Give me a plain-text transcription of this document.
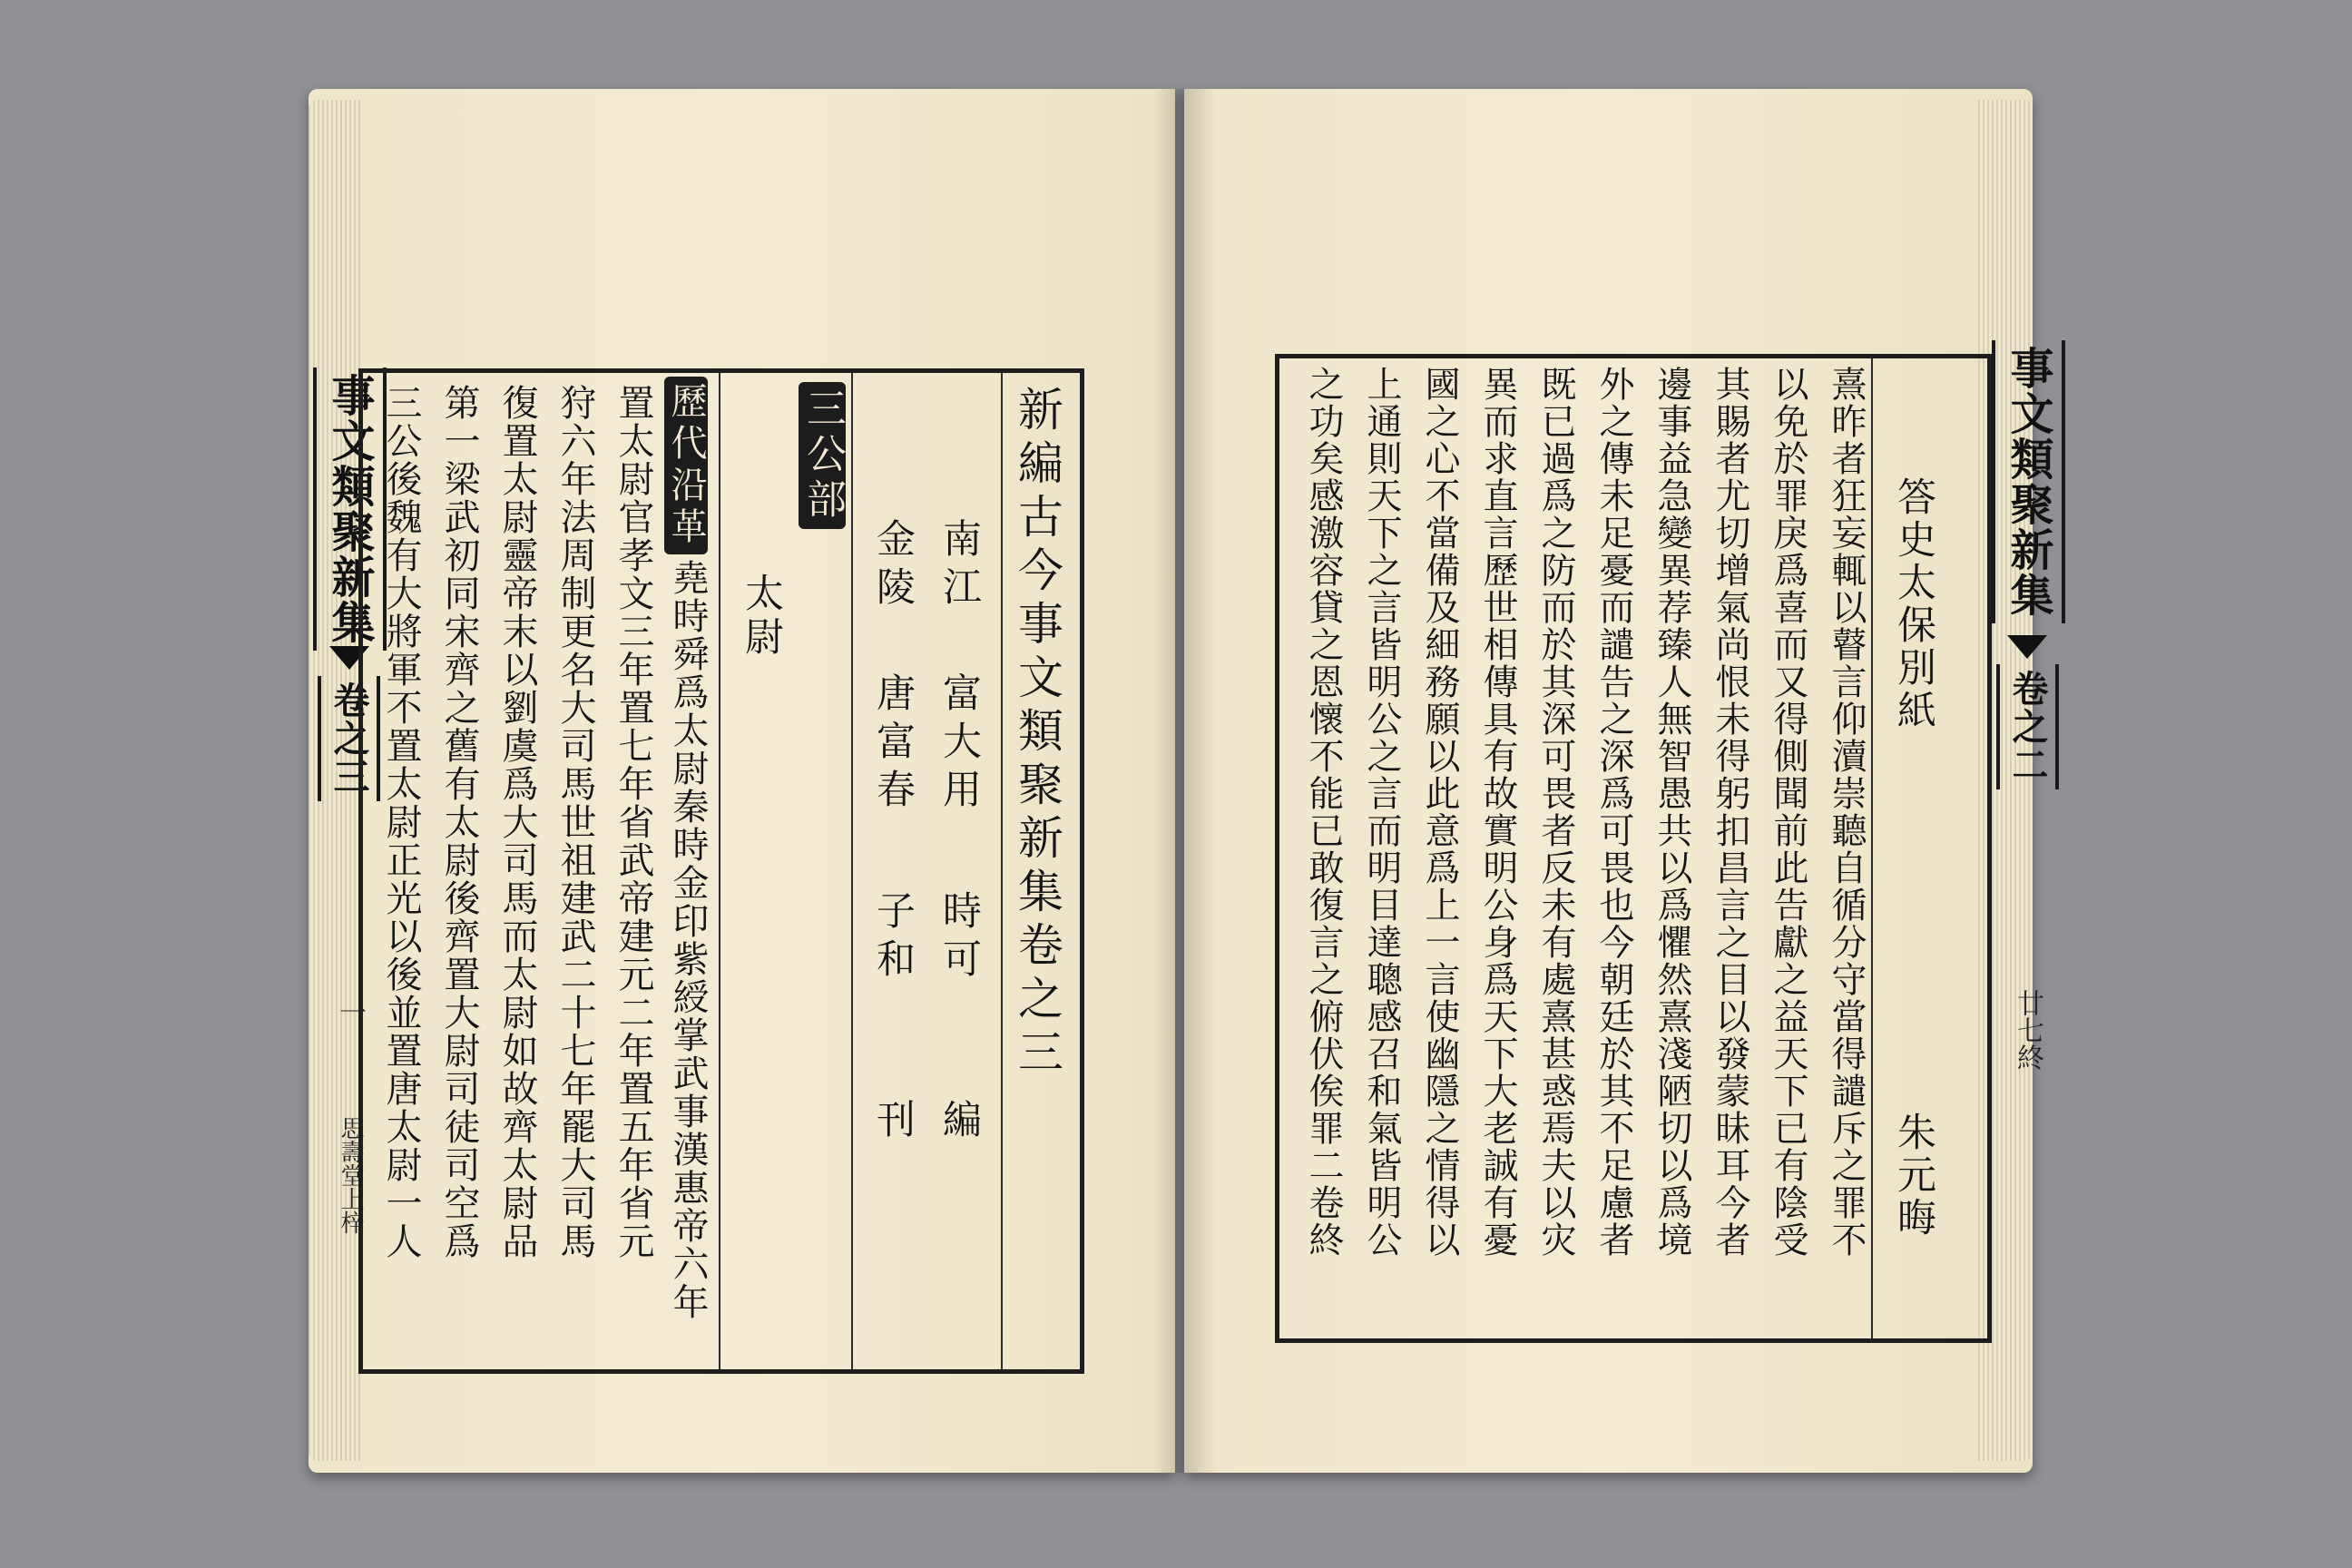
事文類聚新集
卷之三
一
思壽堂上梓
新編古今事文類聚新集卷之三
南江
富大用
時可
編
金陵
唐富春
子和
刊
三公部
太尉
歷代沿革
堯時舜爲太尉秦時金印紫綬掌武事漢惠帝六年
置太尉官孝文三年置七年省武帝建元二年置五年省元
狩六年法周制更名大司馬世祖建武二十七年罷大司馬
復置太尉靈帝末以劉虞爲大司馬而太尉如故齊太尉品
第一梁武初同宋齊之舊有太尉後齊置大尉司徒司空爲
三公後魏有大將軍不置太尉正光以後並置唐太尉一人	答史太保別紙
朱元晦
熹昨者狂妄輒以瞽言仰瀆崇聽自循分守當得譴斥之罪不
以免於罪戾爲喜而又得側聞前此告獻之益天下已有陰受
其賜者尤切增氣尚恨未得躬扣昌言之目以發蒙昧耳今者
邊事益急變異荐臻人無智愚共以爲懼然熹淺陋切以爲境
外之傳未足憂而譴告之深爲可畏也今朝廷於其不足慮者
既已過爲之防而於其深可畏者反未有處熹甚惑焉夫以灾
異而求直言歷世相傳具有故實明公身爲天下大老誠有憂
國之心不當備及細務願以此意爲上一言使幽隱之情得以
上通則天下之言皆明公之言而明目達聰感召和氣皆明公
之功矣感激容貸之恩懷不能已敢復言之俯伏俟罪二卷終	事文類聚新集
卷之二
廿七終
